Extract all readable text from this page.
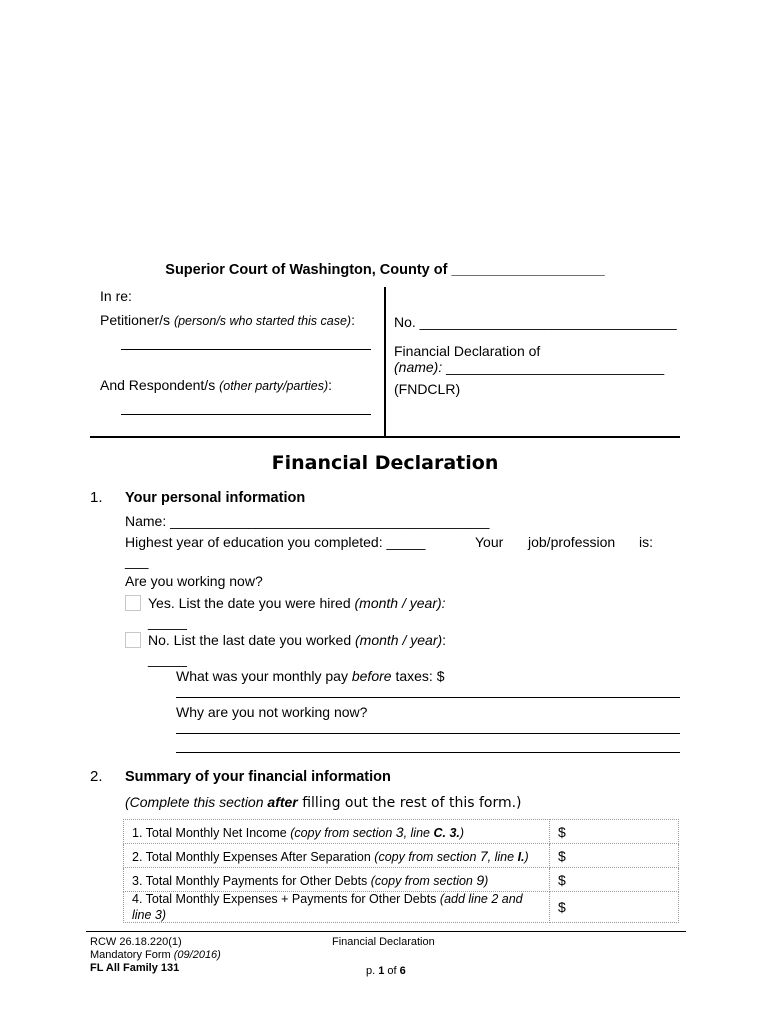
Superior Court of Washington, County of ___________________
In re:
Petitioner/s (person/s who started this case):
And Respondent/s (other party/parties):
No. _________________________________
Financial Declaration of
(name): ____________________________
(FNDCLR)
Financial Declaration
1. Your personal information
Name: _________________________________________
Highest year of education you completed: _____	Your job/profession is:
___
Are you working now?
Yes. List the date you were hired (month / year):
_____
No. List the last date you worked (month / year):
_____
What was your monthly pay before taxes: $
Why are you not working now?
2. Summary of your financial information
(Complete this section after filling out the rest of this form.)
1. Total Monthly Net Income (copy from section 3, line C. 3.)	$
2. Total Monthly Expenses After Separation (copy from section 7, line I.)	$
3. Total Monthly Payments for Other Debts (copy from section 9)	$
4. Total Monthly Expenses + Payments for Other Debts (add line 2 and line 3)	$
RCW 26.18.220(1)
Mandatory Form (09/2016)
FL All Family 131
Financial Declaration
p. 1 of 6
